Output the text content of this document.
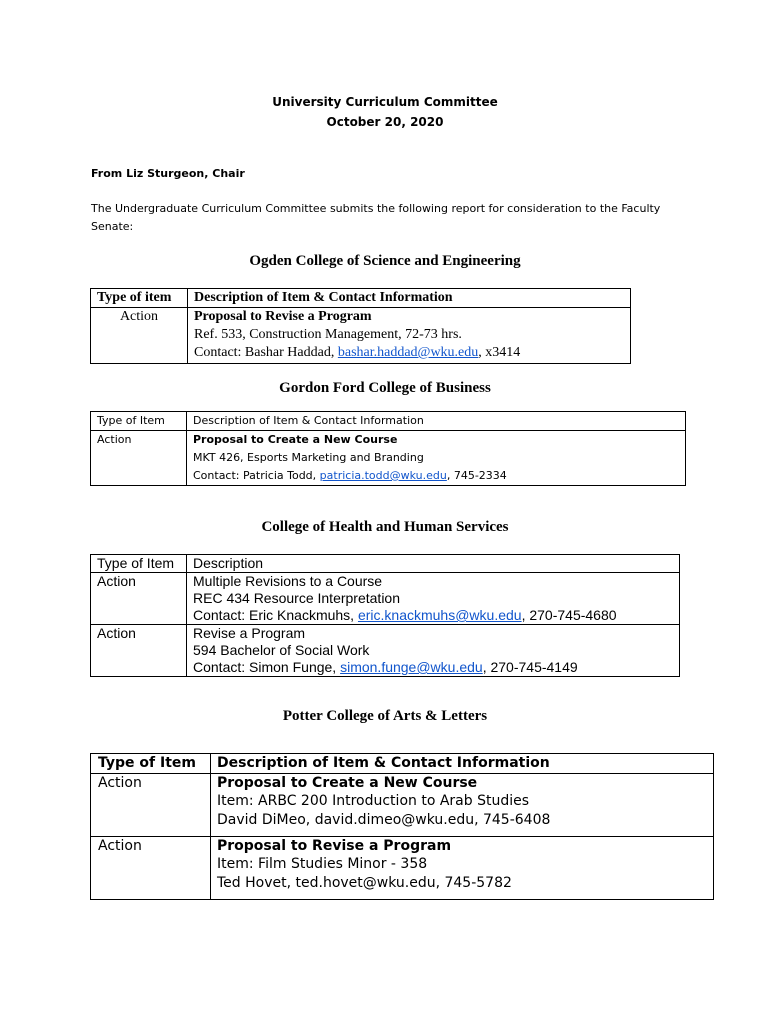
University Curriculum Committee
October 20, 2020
From Liz Sturgeon, Chair
The Undergraduate Curriculum Committee submits the following report for consideration to the Faculty
Senate:
Ogden College of Science and Engineering
Type of item	Description of Item & Contact Information
Action	Proposal to Revise a Program
Ref. 533, Construction Management, 72-73 hrs.
Contact: Bashar Haddad, bashar.haddad@wku.edu, x3414
Gordon Ford College of Business
Type of Item	Description of Item & Contact Information
Action	Proposal to Create a New Course
MKT 426, Esports Marketing and Branding
Contact: Patricia Todd, patricia.todd@wku.edu, 745-2334
College of Health and Human Services
Type of Item	Description
Action	Multiple Revisions to a Course
REC 434 Resource Interpretation
Contact: Eric Knackmuhs, eric.knackmuhs@wku.edu, 270-745-4680

Action	Revise a Program
594 Bachelor of Social Work
Contact: Simon Funge, simon.funge@wku.edu, 270-745-4149
Potter College of Arts & Letters
Type of Item	Description of Item & Contact Information
Action	Proposal to Create a New Course
Item: ARBC 200 Introduction to Arab Studies
David DiMeo, david.dimeo@wku.edu, 745-6408

Action	Proposal to Revise a Program
Item: Film Studies Minor - 358
Ted Hovet, ted.hovet@wku.edu, 745-5782
